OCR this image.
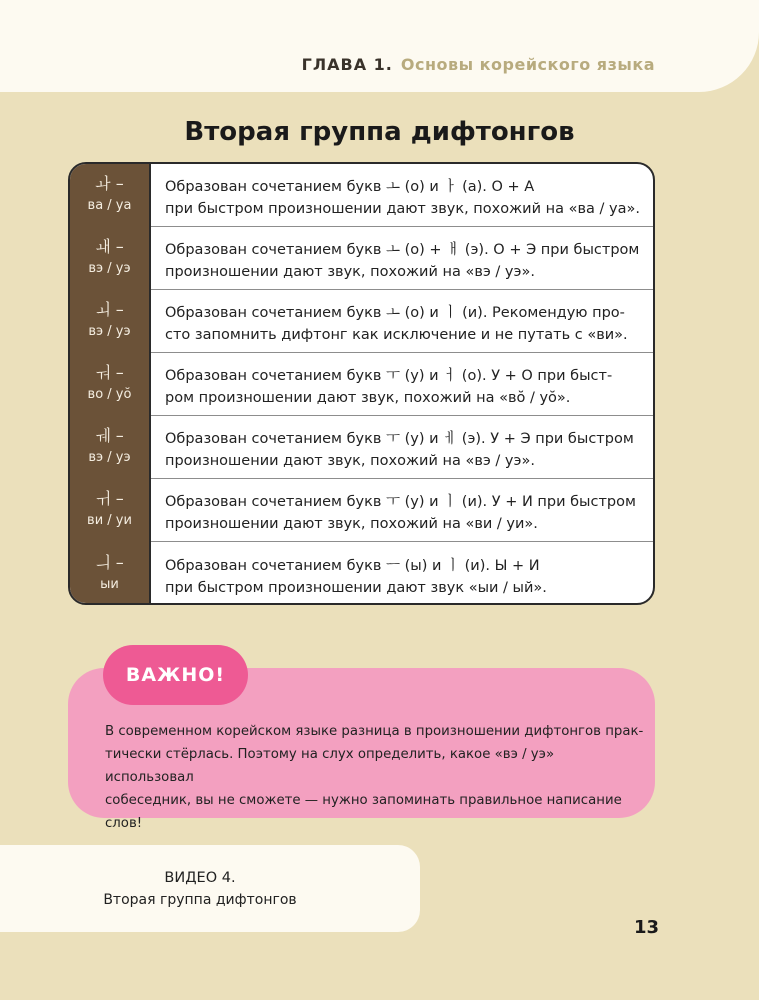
ГЛАВА 1. Основы корейского языка
Вторая группа дифтонгов
ㅘ –
ва / уа
Образован сочетанием букв ㅗ (о) и ㅏ (а). О + А
при быстром произношении дают звук, похожий на «ва / уа».
ㅙ –
вэ / уэ
Образован сочетанием букв ㅗ (о) + ㅐ (э). О + Э при быстром
произношении дают звук, похожий на «вэ / уэ».
ㅚ –
вэ / уэ
Образован сочетанием букв ㅗ (о) и ㅣ (и). Рекомендую про-
сто запомнить дифтонг как исключение и не путать с «ви».
ㅝ –
во / уŏ
Образован сочетанием букв ㅜ (у) и ㅓ (о). У + О при быст-
ром произношении дают звук, похожий на «вŏ / уŏ».
ㅞ –
вэ / уэ
Образован сочетанием букв ㅜ (у) и ㅔ (э). У + Э при быстром
произношении дают звук, похожий на «вэ / уэ».
ㅟ –
ви / уи
Образован сочетанием букв ㅜ (у) и ㅣ (и). У + И при быстром
произношении дают звук, похожий на «ви / уи».
ㅢ –
ыи
Образован сочетанием букв ㅡ (ы) и ㅣ (и). Ы + И
при быстром произношении дают звук «ыи / ый».
ВАЖНО!
В современном корейском языке разница в произношении дифтонгов прак-
тически стёрлась. Поэтому на слух определить, какое «вэ / уэ» использовал
собеседник, вы не сможете — нужно запоминать правильное написание слов!
ВИДЕО 4.
Вторая группа дифтонгов
13
